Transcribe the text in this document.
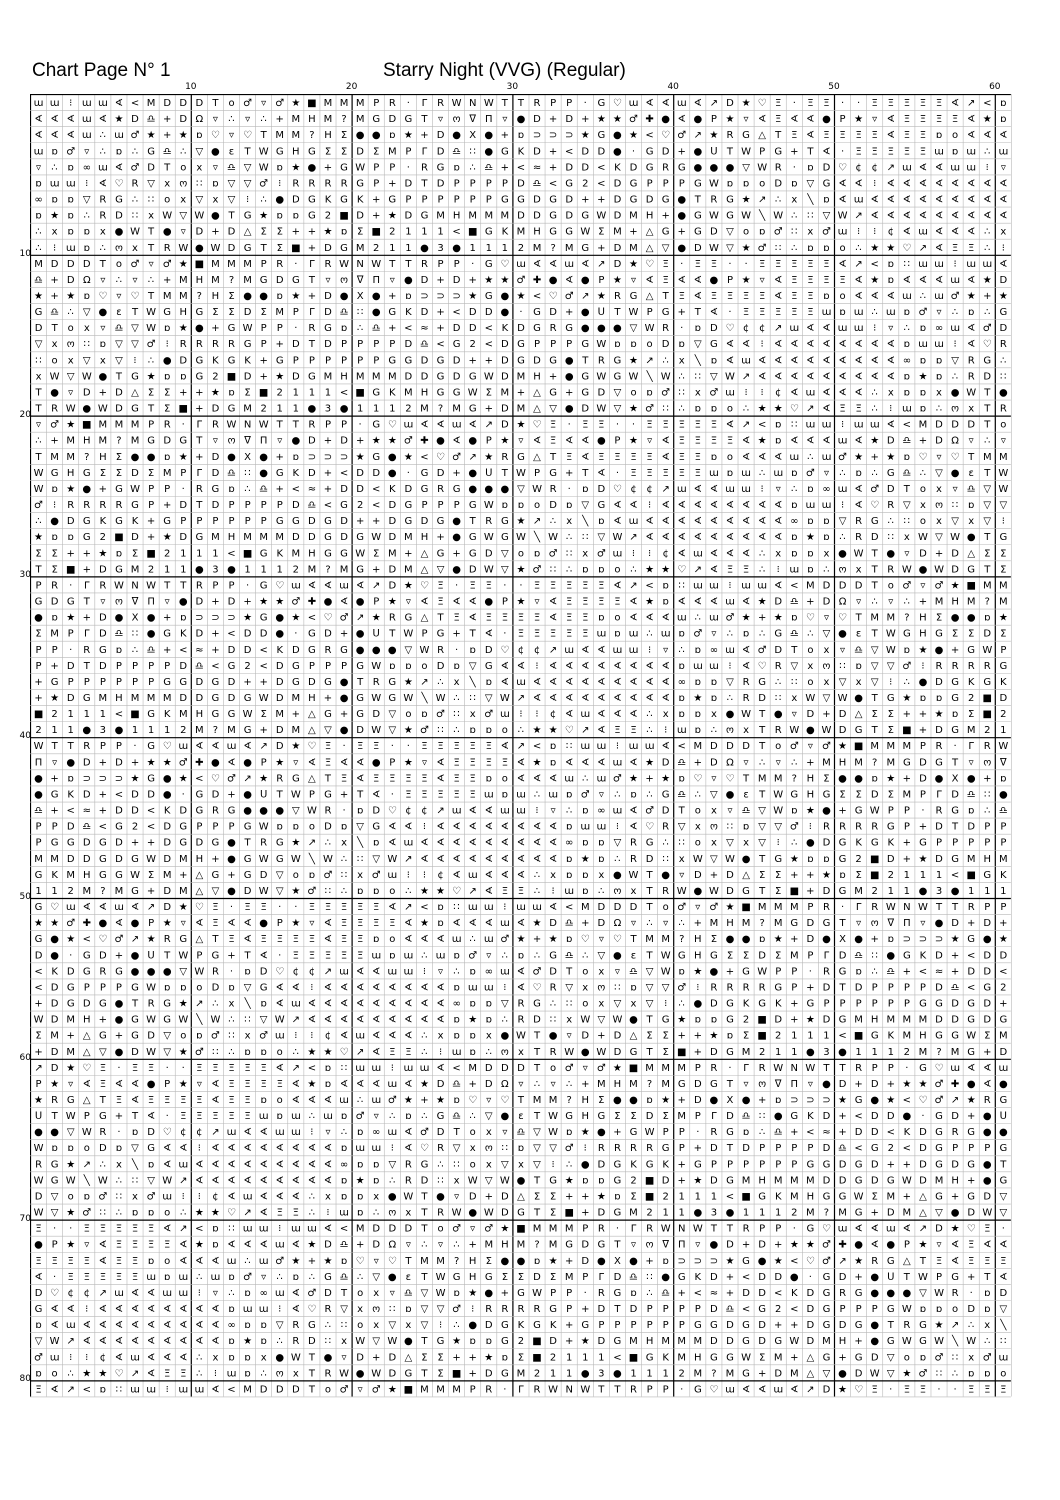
Chart Page N° 1	Starry Night (VVG) (Regular)
10	20	30	40	50	60
10
20
30
40
50
60
70
80
ɯ ɯ ⁝ ɯ ɯ ∢ < M D D D T o ♂ ▿ ♂ ★ ■ M M M P R · Γ R W N W T T R P P · G ♡ ɯ ∢ ∢ ɯ ∢ ↗ D ★ ♡ Ξ · Ξ Ξ · · Ξ Ξ Ξ Ξ Ξ ∢ ↗ < ɒ
∢ ∢ ∢ ɯ ∢ ★ D ♎ + D Ω ▿ ∴ ▿ ∴ + M H M ? M G D G T ▿ ო ᐁ Π ▿ ● D + D + ★ ★ ♂ ✚ ● ∢ ● P ★ ▿ ∢ Ξ ∢ ∢ ● P ★ ▿ ∢ Ξ Ξ Ξ Ξ ∢ ★ ɒ
∢ ∢ ∢ ɯ ∴ ɯ ♂ ★ + ★ ɒ ♡ ▿ ♡ T M M ? H Σ ● ● ɒ ★ + D ● X ● + ɒ ⊃ ⊃ ⊃ ★ G ● ★ < ♡ ♂ ↗ ★ R G △ T Ξ ∢ Ξ Ξ Ξ Ξ ∢ Ξ Ξ ɒ o ∢ ∢ ∢
ɯ ɒ ♂ ▿ ∴ ɒ ∴ G ♎ ∴ ▽ ● ɛ T W G H G Σ Σ D Σ M P Γ D ♎ ∷ ● G K D + < D D ● · G D + ● ᑌ T W P G + T ∢ · Ξ Ξ Ξ Ξ Ξ ɯ ɒ ɯ ∴ ɯ
▿ ∴ ɒ ∞ ɯ ∢ ♂ D T o x ▿ ♎ ▽ W ɒ ★ ● + G W P P · R G ɒ ∴ ♎ + < ≈ + D D < K D G R G ● ● ● ▽ W R · ɒ D ♡ ¢ ¢ ↗ ɯ ∢ ∢ ɯ ɯ ⁝ ▿
ɒ ɯ ɯ ⁝ ∢ ♡ R ▽ x ო ∷ ɒ ▽ ▽ ♂ ⁝ R R R R G P + D T D P P P P D ♎ < G 2 < D G P P P G W ɒ ɒ o D ɒ ▽ G ∢ ∢ ⁝ ∢ ∢ ∢ ∢ ∢ ∢ ∢ ∢
∞ ɒ ɒ ▽ R G ∴ ∷ o x ▽ x ▽ ⁝ ∴ ● D G K G K + G P P P P P P G G D G D + + D G D G ● T R G ★ ↗ ∴ x ╲ ɒ ∢ ɯ ∢ ∢ ∢ ∢ ∢ ∢ ∢ ∢ ∢
ɒ ★ ɒ ∴ R D ∷ x W ▽ W ● T G ★ ɒ ɒ G 2 ■ D + ★ D G M H M M M D D G D G W D M H + ● G W G W ╲ W ∴ ∷ ▽ W ↗ ∢ ∢ ∢ ∢ ∢ ∢ ∢ ∢ ∢
∴ x ɒ ɒ x ● W T ● ▿ D + D △ Σ Σ + + ★ ɒ Σ ■ 2 1 1 1 < ■ G K M H G G W Σ M + △ G + G D ▽ o ɒ ♂ ∷ x ♂ ɯ ⁝ ⁝ ¢ ∢ ɯ ∢ ∢ ∢ ∴ x
∴ ⁝ ɯ ɒ ∴ ო x T R W ● W D G T Σ ■ + D G M 2 1 1 ● 3 ● 1 1 1 2 M ? M G + D M △ ▽ ● D W ▽ ★ ♂ ∷ ∴ ɒ ɒ o ∴ ★ ★ ♡ ↗ ∢ Ξ Ξ ∴ ⁝
M D D D T o ♂ ▿ ♂ ★ ■ M M M P R · Γ R W N W T T R P P · G ♡ ɯ ∢ ∢ ɯ ∢ ↗ D ★ ♡ Ξ · Ξ Ξ · · Ξ Ξ Ξ Ξ Ξ ∢ ↗ < ɒ ∷ ɯ ɯ ⁝ ɯ ɯ ∢
♎ + D Ω ▿ ∴ ▿ ∴ + M H M ? M G D G T ▿ ო ᐁ Π ▿ ● D + D + ★ ★ ♂ ✚ ● ∢ ● P ★ ▿ ∢ Ξ ∢ ∢ ● P ★ ▿ ∢ Ξ Ξ Ξ Ξ ∢ ★ ɒ ∢ ∢ ∢ ɯ ∢ ★ D
★ + ★ ɒ ♡ ▿ ♡ T M M ? H Σ ● ● ɒ ★ + D ● X ● + ɒ ⊃ ⊃ ⊃ ★ G ● ★ < ♡ ♂ ↗ ★ R G △ T Ξ ∢ Ξ Ξ Ξ Ξ ∢ Ξ Ξ ɒ o ∢ ∢ ∢ ɯ ∴ ɯ ♂ ★ + ★
G ♎ ∴ ▽ ● ɛ T W G H G Σ Σ D Σ M P Γ D ♎ ∷ ● G K D + < D D ● · G D + ● ᑌ T W P G + T ∢ · Ξ Ξ Ξ Ξ Ξ ɯ ɒ ɯ ∴ ɯ ɒ ♂ ▿ ∴ ɒ ∴ G
D T o x ▿ ♎ ▽ W ɒ ★ ● + G W P P · R G ɒ ∴ ♎ + < ≈ + D D < K D G R G ● ● ● ▽ W R · ɒ D ♡ ¢ ¢ ↗ ɯ ∢ ∢ ɯ ɯ ⁝ ▿ ∴ ɒ ∞ ɯ ∢ ♂ D
▽ x ო ∷ ɒ ▽ ▽ ♂ ⁝ R R R R G P + D T D P P P P D ♎ < G 2 < D G P P P G W ɒ ɒ o D ɒ ▽ G ∢ ∢ ⁝ ∢ ∢ ∢ ∢ ∢ ∢ ∢ ∢ ɒ ɯ ɯ ⁝ ∢ ♡ R
∷ o x ▽ x ▽ ⁝ ∴ ● D G K G K + G P P P P P P G G D G D + + D G D G ● T R G ★ ↗ ∴ x ╲ ɒ ∢ ɯ ∢ ∢ ∢ ∢ ∢ ∢ ∢ ∢ ∢ ∞ ɒ ɒ ▽ R G ∴
x W ▽ W ● T G ★ ɒ ɒ G 2 ■ D + ★ D G M H M M M D D G D G W D M H + ● G W G W ╲ W ∴ ∷ ▽ W ↗ ∢ ∢ ∢ ∢ ∢ ∢ ∢ ∢ ∢ ɒ ★ ɒ ∴ R D ∷
T ● ▿ D + D △ Σ Σ + + ★ ɒ Σ ■ 2 1 1 1 < ■ G K M H G G W Σ M + △ G + G D ▽ o ɒ ♂ ∷ x ♂ ɯ ⁝ ⁝ ¢ ∢ ɯ ∢ ∢ ∢ ∴ x ɒ ɒ x ● W T ●
T R W ● W D G T Σ ■ + D G M 2 1 1 ● 3 ● 1 1 1 2 M ? M G + D M △ ▽ ● D W ▽ ★ ♂ ∷ ∴ ɒ ɒ o ∴ ★ ★ ♡ ↗ ∢ Ξ Ξ ∴ ⁝ ɯ ɒ ∴ ო x T R
▿ ♂ ★ ■ M M M P R · Γ R W N W T T R P P · G ♡ ɯ ∢ ∢ ɯ ∢ ↗ D ★ ♡ Ξ · Ξ Ξ · · Ξ Ξ Ξ Ξ Ξ ∢ ↗ < ɒ ∷ ɯ ɯ ⁝ ɯ ɯ ∢ < M D D D T o
∴ + M H M ? M G D G T ▿ ო ᐁ Π ▿ ● D + D + ★ ★ ♂ ✚ ● ∢ ● P ★ ▿ ∢ Ξ ∢ ∢ ● P ★ ▿ ∢ Ξ Ξ Ξ Ξ ∢ ★ ɒ ∢ ∢ ∢ ɯ ∢ ★ D ♎ + D Ω ▿ ∴ ▿
T M M ? H Σ ● ● ɒ ★ + D ● X ● + ɒ ⊃ ⊃ ⊃ ★ G ● ★ < ♡ ♂ ↗ ★ R G △ T Ξ ∢ Ξ Ξ Ξ Ξ ∢ Ξ Ξ ɒ o ∢ ∢ ∢ ɯ ∴ ɯ ♂ ★ + ★ ɒ ♡ ▿ ♡ T M M
W G H G Σ Σ D Σ M P Γ D ♎ ∷ ● G K D + < D D ● · G D + ● ᑌ T W P G + T ∢ · Ξ Ξ Ξ Ξ Ξ ɯ ɒ ɯ ∴ ɯ ɒ ♂ ▿ ∴ ɒ ∴ G ♎ ∴ ▽ ● ɛ T W
W ɒ ★ ● + G W P P · R G ɒ ∴ ♎ + < ≈ + D D < K D G R G ● ● ● ▽ W R · ɒ D ♡ ¢ ¢ ↗ ɯ ∢ ∢ ɯ ɯ ⁝ ▿ ∴ ɒ ∞ ɯ ∢ ♂ D T o x ▿ ♎ ▽ W
♂ ⁝ R R R R G P + D T D P P P P D ♎ < G 2 < D G P P P G W ɒ ɒ o D ɒ ▽ G ∢ ∢ ⁝ ∢ ∢ ∢ ∢ ∢ ∢ ∢ ∢ ɒ ɯ ɯ ⁝ ∢ ♡ R ▽ x ო ∷ ɒ ▽ ▽
∴ ● D G K G K + G P P P P P P G G D G D + + D G D G ● T R G ★ ↗ ∴ x ╲ ɒ ∢ ɯ ∢ ∢ ∢ ∢ ∢ ∢ ∢ ∢ ∢ ∞ ɒ ɒ ▽ R G ∴ ∷ o x ▽ x ▽ ⁝
★ ɒ ɒ G 2 ■ D + ★ D G M H M M M D D G D G W D M H + ● G W G W ╲ W ∴ ∷ ▽ W ↗ ∢ ∢ ∢ ∢ ∢ ∢ ∢ ∢ ∢ ɒ ★ ɒ ∴ R D ∷ x W ▽ W ● T G
Σ Σ + + ★ ɒ Σ ■ 2 1 1 1 < ■ G K M H G G W Σ M + △ G + G D ▽ o ɒ ♂ ∷ x ♂ ɯ ⁝ ⁝ ¢ ∢ ɯ ∢ ∢ ∢ ∴ x ɒ ɒ x ● W T ● ▿ D + D △ Σ Σ
T Σ ■ + D G M 2 1 1 ● 3 ● 1 1 1 2 M ? M G + D M △ ▽ ● D W ▽ ★ ♂ ∷ ∴ ɒ ɒ o ∴ ★ ★ ♡ ↗ ∢ Ξ Ξ ∴ ⁝ ɯ ɒ ∴ ო x T R W ● W D G T Σ
P R · Γ R W N W T T R P P · G ♡ ɯ ∢ ∢ ɯ ∢ ↗ D ★ ♡ Ξ · Ξ Ξ · · Ξ Ξ Ξ Ξ Ξ ∢ ↗ < ɒ ∷ ɯ ɯ ⁝ ɯ ɯ ∢ < M D D D T o ♂ ▿ ♂ ★ ■ M M
G D G T ▿ ო ᐁ Π ▿ ● D + D + ★ ★ ♂ ✚ ● ∢ ● P ★ ▿ ∢ Ξ ∢ ∢ ● P ★ ▿ ∢ Ξ Ξ Ξ Ξ ∢ ★ ɒ ∢ ∢ ∢ ɯ ∢ ★ D ♎ + D Ω ▿ ∴ ▿ ∴ + M H M ? M
● ɒ ★ + D ● X ● + ɒ ⊃ ⊃ ⊃ ★ G ● ★ < ♡ ♂ ↗ ★ R G △ T Ξ ∢ Ξ Ξ Ξ Ξ ∢ Ξ Ξ ɒ o ∢ ∢ ∢ ɯ ∴ ɯ ♂ ★ + ★ ɒ ♡ ▿ ♡ T M M ? H Σ ● ● ɒ ★
Σ M P Γ D ♎ ∷ ● G K D + < D D ● · G D + ● ᑌ T W P G + T ∢ · Ξ Ξ Ξ Ξ Ξ ɯ ɒ ɯ ∴ ɯ ɒ ♂ ▿ ∴ ɒ ∴ G ♎ ∴ ▽ ● ɛ T W G H G Σ Σ D Σ
P P · R G ɒ ∴ ♎ + < ≈ + D D < K D G R G ● ● ● ▽ W R · ɒ D ♡ ¢ ¢ ↗ ɯ ∢ ∢ ɯ ɯ ⁝ ▿ ∴ ɒ ∞ ɯ ∢ ♂ D T o x ▿ ♎ ▽ W ɒ ★ ● + G W P
P + D T D P P P P D ♎ < G 2 < D G P P P G W ɒ ɒ o D ɒ ▽ G ∢ ∢ ⁝ ∢ ∢ ∢ ∢ ∢ ∢ ∢ ∢ ɒ ɯ ɯ ⁝ ∢ ♡ R ▽ x ო ∷ ɒ ▽ ▽ ♂ ⁝ R R R R G
+ G P P P P P P G G D G D + + D G D G ● T R G ★ ↗ ∴ x ╲ ɒ ∢ ɯ ∢ ∢ ∢ ∢ ∢ ∢ ∢ ∢ ∢ ∞ ɒ ɒ ▽ R G ∴ ∷ o x ▽ x ▽ ⁝ ∴ ● D G K G K
+ ★ D G M H M M M D D G D G W D M H + ● G W G W ╲ W ∴ ∷ ▽ W ↗ ∢ ∢ ∢ ∢ ∢ ∢ ∢ ∢ ∢ ɒ ★ ɒ ∴ R D ∷ x W ▽ W ● T G ★ ɒ ɒ G 2 ■ D
■ 2 1 1 1 < ■ G K M H G G W Σ M + △ G + G D ▽ o ɒ ♂ ∷ x ♂ ɯ ⁝ ⁝ ¢ ∢ ɯ ∢ ∢ ∢ ∴ x ɒ ɒ x ● W T ● ▿ D + D △ Σ Σ + + ★ ɒ Σ ■ 2
2 1 1 ● 3 ● 1 1 1 2 M ? M G + D M △ ▽ ● D W ▽ ★ ♂ ∷ ∴ ɒ ɒ o ∴ ★ ★ ♡ ↗ ∢ Ξ Ξ ∴ ⁝ ɯ ɒ ∴ ო x T R W ● W D G T Σ ■ + D G M 2 1
W T T R P P · G ♡ ɯ ∢ ∢ ɯ ∢ ↗ D ★ ♡ Ξ · Ξ Ξ · · Ξ Ξ Ξ Ξ Ξ ∢ ↗ < ɒ ∷ ɯ ɯ ⁝ ɯ ɯ ∢ < M D D D T o ♂ ▿ ♂ ★ ■ M M M P R · Γ R W
Π ▿ ● D + D + ★ ★ ♂ ✚ ● ∢ ● P ★ ▿ ∢ Ξ ∢ ∢ ● P ★ ▿ ∢ Ξ Ξ Ξ Ξ ∢ ★ ɒ ∢ ∢ ∢ ɯ ∢ ★ D ♎ + D Ω ▿ ∴ ▿ ∴ + M H M ? M G D G T ▿ ო ᐁ
● + ɒ ⊃ ⊃ ⊃ ★ G ● ★ < ♡ ♂ ↗ ★ R G △ T Ξ ∢ Ξ Ξ Ξ Ξ ∢ Ξ Ξ ɒ o ∢ ∢ ∢ ɯ ∴ ɯ ♂ ★ + ★ ɒ ♡ ▿ ♡ T M M ? H Σ ● ● ɒ ★ + D ● X ● + ɒ
● G K D + < D D ● · G D + ● ᑌ T W P G + T ∢ · Ξ Ξ Ξ Ξ Ξ ɯ ɒ ɯ ∴ ɯ ɒ ♂ ▿ ∴ ɒ ∴ G ♎ ∴ ▽ ● ɛ T W G H G Σ Σ D Σ M P Γ D ♎ ∷ ●
♎ + < ≈ + D D < K D G R G ● ● ● ▽ W R · ɒ D ♡ ¢ ¢ ↗ ɯ ∢ ∢ ɯ ɯ ⁝ ▿ ∴ ɒ ∞ ɯ ∢ ♂ D T o x ▿ ♎ ▽ W ɒ ★ ● + G W P P · R G ɒ ∴ ♎
P P D ♎ < G 2 < D G P P P G W ɒ ɒ o D ɒ ▽ G ∢ ∢ ⁝ ∢ ∢ ∢ ∢ ∢ ∢ ∢ ∢ ɒ ɯ ɯ ⁝ ∢ ♡ R ▽ x ო ∷ ɒ ▽ ▽ ♂ ⁝ R R R R G P + D T D P P
P G G D G D + + D G D G ● T R G ★ ↗ ∴ x ╲ ɒ ∢ ɯ ∢ ∢ ∢ ∢ ∢ ∢ ∢ ∢ ∢ ∞ ɒ ɒ ▽ R G ∴ ∷ o x ▽ x ▽ ⁝ ∴ ● D G K G K + G P P P P P
M M D D G D G W D M H + ● G W G W ╲ W ∴ ∷ ▽ W ↗ ∢ ∢ ∢ ∢ ∢ ∢ ∢ ∢ ∢ ɒ ★ ɒ ∴ R D ∷ x W ▽ W ● T G ★ ɒ ɒ G 2 ■ D + ★ D G M H M
G K M H G G W Σ M + △ G + G D ▽ o ɒ ♂ ∷ x ♂ ɯ ⁝ ⁝ ¢ ∢ ɯ ∢ ∢ ∢ ∴ x ɒ ɒ x ● W T ● ▿ D + D △ Σ Σ + + ★ ɒ Σ ■ 2 1 1 1 < ■ G K
1 1 2 M ? M G + D M △ ▽ ● D W ▽ ★ ♂ ∷ ∴ ɒ ɒ o ∴ ★ ★ ♡ ↗ ∢ Ξ Ξ ∴ ⁝ ɯ ɒ ∴ ო x T R W ● W D G T Σ ■ + D G M 2 1 1 ● 3 ● 1 1 1
G ♡ ɯ ∢ ∢ ɯ ∢ ↗ D ★ ♡ Ξ · Ξ Ξ · · Ξ Ξ Ξ Ξ Ξ ∢ ↗ < ɒ ∷ ɯ ɯ ⁝ ɯ ɯ ∢ < M D D D T o ♂ ▿ ♂ ★ ■ M M M P R · Γ R W N W T T R P P
★ ★ ♂ ✚ ● ∢ ● P ★ ▿ ∢ Ξ ∢ ∢ ● P ★ ▿ ∢ Ξ Ξ Ξ Ξ ∢ ★ ɒ ∢ ∢ ∢ ɯ ∢ ★ D ♎ + D Ω ▿ ∴ ▿ ∴ + M H M ? M G D G T ▿ ო ᐁ Π ▿ ● D + D +
G ● ★ < ♡ ♂ ↗ ★ R G △ T Ξ ∢ Ξ Ξ Ξ Ξ ∢ Ξ Ξ ɒ o ∢ ∢ ∢ ɯ ∴ ɯ ♂ ★ + ★ ɒ ♡ ▿ ♡ T M M ? H Σ ● ● ɒ ★ + D ● X ● + ɒ ⊃ ⊃ ⊃ ★ G ● ★
D ● · G D + ● ᑌ T W P G + T ∢ · Ξ Ξ Ξ Ξ Ξ ɯ ɒ ɯ ∴ ɯ ɒ ♂ ▿ ∴ ɒ ∴ G ♎ ∴ ▽ ● ɛ T W G H G Σ Σ D Σ M P Γ D ♎ ∷ ● G K D + < D D
< K D G R G ● ● ● ▽ W R · ɒ D ♡ ¢ ¢ ↗ ɯ ∢ ∢ ɯ ɯ ⁝ ▿ ∴ ɒ ∞ ɯ ∢ ♂ D T o x ▿ ♎ ▽ W ɒ ★ ● + G W P P · R G ɒ ∴ ♎ + < ≈ + D D <
< D G P P P G W ɒ ɒ o D ɒ ▽ G ∢ ∢ ⁝ ∢ ∢ ∢ ∢ ∢ ∢ ∢ ∢ ɒ ɯ ɯ ⁝ ∢ ♡ R ▽ x ო ∷ ɒ ▽ ▽ ♂ ⁝ R R R R G P + D T D P P P P D ♎ < G 2
+ D G D G ● T R G ★ ↗ ∴ x ╲ ɒ ∢ ɯ ∢ ∢ ∢ ∢ ∢ ∢ ∢ ∢ ∢ ∞ ɒ ɒ ▽ R G ∴ ∷ o x ▽ x ▽ ⁝ ∴ ● D G K G K + G P P P P P P G G D G D +
W D M H + ● G W G W ╲ W ∴ ∷ ▽ W ↗ ∢ ∢ ∢ ∢ ∢ ∢ ∢ ∢ ∢ ɒ ★ ɒ ∴ R D ∷ x W ▽ W ● T G ★ ɒ ɒ G 2 ■ D + ★ D G M H M M M D D G D G
Σ M + △ G + G D ▽ o ɒ ♂ ∷ x ♂ ɯ ⁝ ⁝ ¢ ∢ ɯ ∢ ∢ ∢ ∴ x ɒ ɒ x ● W T ● ▿ D + D △ Σ Σ + + ★ ɒ Σ ■ 2 1 1 1 < ■ G K M H G G W Σ M
+ D M △ ▽ ● D W ▽ ★ ♂ ∷ ∴ ɒ ɒ o ∴ ★ ★ ♡ ↗ ∢ Ξ Ξ ∴ ⁝ ɯ ɒ ∴ ო x T R W ● W D G T Σ ■ + D G M 2 1 1 ● 3 ● 1 1 1 2 M ? M G + D
↗ D ★ ♡ Ξ · Ξ Ξ · · Ξ Ξ Ξ Ξ Ξ ∢ ↗ < ɒ ∷ ɯ ɯ ⁝ ɯ ɯ ∢ < M D D D T o ♂ ▿ ♂ ★ ■ M M M P R · Γ R W N W T T R P P · G ♡ ɯ ∢ ∢ ɯ
P ★ ▿ ∢ Ξ ∢ ∢ ● P ★ ▿ ∢ Ξ Ξ Ξ Ξ ∢ ★ ɒ ∢ ∢ ∢ ɯ ∢ ★ D ♎ + D Ω ▿ ∴ ▿ ∴ + M H M ? M G D G T ▿ ო ᐁ Π ▿ ● D + D + ★ ★ ♂ ✚ ● ∢ ●
★ R G △ T Ξ ∢ Ξ Ξ Ξ Ξ ∢ Ξ Ξ ɒ o ∢ ∢ ∢ ɯ ∴ ɯ ♂ ★ + ★ ɒ ♡ ▿ ♡ T M M ? H Σ ● ● ɒ ★ + D ● X ● + ɒ ⊃ ⊃ ⊃ ★ G ● ★ < ♡ ♂ ↗ ★ R G
ᑌ T W P G + T ∢ · Ξ Ξ Ξ Ξ Ξ ɯ ɒ ɯ ∴ ɯ ɒ ♂ ▿ ∴ ɒ ∴ G ♎ ∴ ▽ ● ɛ T W G H G Σ Σ D Σ M P Γ D ♎ ∷ ● G K D + < D D ● · G D + ● ᑌ
● ● ▽ W R · ɒ D ♡ ¢ ¢ ↗ ɯ ∢ ∢ ɯ ɯ ⁝ ▿ ∴ ɒ ∞ ɯ ∢ ♂ D T o x ▿ ♎ ▽ W ɒ ★ ● + G W P P · R G ɒ ∴ ♎ + < ≈ + D D < K D G R G ● ●
W ɒ ɒ o D ɒ ▽ G ∢ ∢ ⁝ ∢ ∢ ∢ ∢ ∢ ∢ ∢ ∢ ɒ ɯ ɯ ⁝ ∢ ♡ R ▽ x ო ∷ ɒ ▽ ▽ ♂ ⁝ R R R R G P + D T D P P P P D ♎ < G 2 < D G P P P G
R G ★ ↗ ∴ x ╲ ɒ ∢ ɯ ∢ ∢ ∢ ∢ ∢ ∢ ∢ ∢ ∢ ∞ ɒ ɒ ▽ R G ∴ ∷ o x ▽ x ▽ ⁝ ∴ ● D G K G K + G P P P P P P G G D G D + + D G D G ● T
W G W ╲ W ∴ ∷ ▽ W ↗ ∢ ∢ ∢ ∢ ∢ ∢ ∢ ∢ ∢ ɒ ★ ɒ ∴ R D ∷ x W ▽ W ● T G ★ ɒ ɒ G 2 ■ D + ★ D G M H M M M D D G D G W D M H + ● G
D ▽ o ɒ ♂ ∷ x ♂ ɯ ⁝ ⁝ ¢ ∢ ɯ ∢ ∢ ∢ ∴ x ɒ ɒ x ● W T ● ▿ D + D △ Σ Σ + + ★ ɒ Σ ■ 2 1 1 1 < ■ G K M H G G W Σ M + △ G + G D ▽
W ▽ ★ ♂ ∷ ∴ ɒ ɒ o ∴ ★ ★ ♡ ↗ ∢ Ξ Ξ ∴ ⁝ ɯ ɒ ∴ ო x T R W ● W D G T Σ ■ + D G M 2 1 1 ● 3 ● 1 1 1 2 M ? M G + D M △ ▽ ● D W ▽
Ξ · · Ξ Ξ Ξ Ξ Ξ ∢ ↗ < ɒ ∷ ɯ ɯ ⁝ ɯ ɯ ∢ < M D D D T o ♂ ▿ ♂ ★ ■ M M M P R · Γ R W N W T T R P P · G ♡ ɯ ∢ ∢ ɯ ∢ ↗ D ★ ♡ Ξ ·
● P ★ ▿ ∢ Ξ Ξ Ξ Ξ ∢ ★ ɒ ∢ ∢ ∢ ɯ ∢ ★ D ♎ + D Ω ▿ ∴ ▿ ∴ + M H M ? M G D G T ▿ ო ᐁ Π ▿ ● D + D + ★ ★ ♂ ✚ ● ∢ ● P ★ ▿ ∢ Ξ ∢ ∢
Ξ Ξ Ξ Ξ ∢ Ξ Ξ ɒ o ∢ ∢ ∢ ɯ ∴ ɯ ♂ ★ + ★ ɒ ♡ ▿ ♡ T M M ? H Σ ● ● ɒ ★ + D ● X ● + ɒ ⊃ ⊃ ⊃ ★ G ● ★ < ♡ ♂ ↗ ★ R G △ T Ξ ∢ Ξ Ξ Ξ
∢ · Ξ Ξ Ξ Ξ Ξ ɯ ɒ ɯ ∴ ɯ ɒ ♂ ▿ ∴ ɒ ∴ G ♎ ∴ ▽ ● ɛ T W G H G Σ Σ D Σ M P Γ D ♎ ∷ ● G K D + < D D ● · G D + ● ᑌ T W P G + T ∢
D ♡ ¢ ¢ ↗ ɯ ∢ ∢ ɯ ɯ ⁝ ▿ ∴ ɒ ∞ ɯ ∢ ♂ D T o x ▿ ♎ ▽ W ɒ ★ ● + G W P P · R G ɒ ∴ ♎ + < ≈ + D D < K D G R G ● ● ● ▽ W R · ɒ D
G ∢ ∢ ⁝ ∢ ∢ ∢ ∢ ∢ ∢ ∢ ∢ ɒ ɯ ɯ ⁝ ∢ ♡ R ▽ x ო ∷ ɒ ▽ ▽ ♂ ⁝ R R R R G P + D T D P P P P D ♎ < G 2 < D G P P P G W ɒ ɒ o D ɒ ▽
ɒ ∢ ɯ ∢ ∢ ∢ ∢ ∢ ∢ ∢ ∢ ∢ ∞ ɒ ɒ ▽ R G ∴ ∷ o x ▽ x ▽ ⁝ ∴ ● D G K G K + G P P P P P P G G D G D + + D G D G ● T R G ★ ↗ ∴ x ╲
▽ W ↗ ∢ ∢ ∢ ∢ ∢ ∢ ∢ ∢ ∢ ɒ ★ ɒ ∴ R D ∷ x W ▽ W ● T G ★ ɒ ɒ G 2 ■ D + ★ D G M H M M M D D G D G W D M H + ● G W G W ╲ W ∴ ∷
♂ ɯ ⁝ ⁝ ¢ ∢ ɯ ∢ ∢ ∢ ∴ x ɒ ɒ x ● W T ● ▿ D + D △ Σ Σ + + ★ ɒ Σ ■ 2 1 1 1 < ■ G K M H G G W Σ M + △ G + G D ▽ o ɒ ♂ ∷ x ♂ ɯ
ɒ o ∴ ★ ★ ♡ ↗ ∢ Ξ Ξ ∴ ⁝ ɯ ɒ ∴ ო x T R W ● W D G T Σ ■ + D G M 2 1 1 ● 3 ● 1 1 1 2 M ? M G + D M △ ▽ ● D W ▽ ★ ♂ ∷ ∴ ɒ ɒ o
Ξ ∢ ↗ < ɒ ∷ ɯ ɯ ⁝ ɯ ɯ ∢ < M D D D T o ♂ ▿ ♂ ★ ■ M M M P R · Γ R W N W T T R P P · G ♡ ɯ ∢ ∢ ɯ ∢ ↗ D ★ ♡ Ξ · Ξ Ξ · · Ξ Ξ Ξ
